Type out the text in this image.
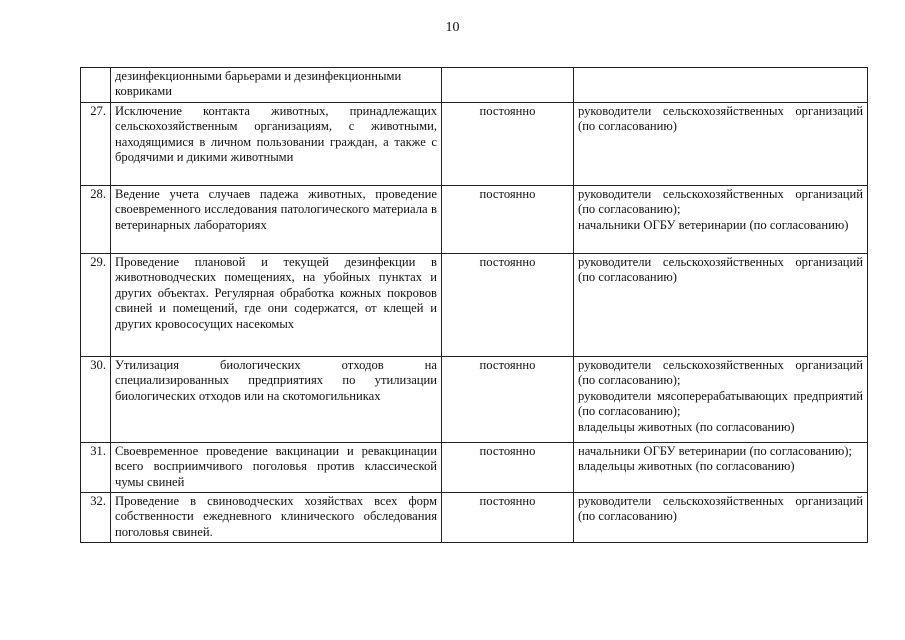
10
	дезинфекционными барьерами и дезинфекционными ковриками		
27.	Исключение контакта животных, принадлежащих сельскохозяйственным организациям, с животными, находящимися в личном пользовании граждан, а также с бродячими и дикими животными	постоянно	руководители сельскохозяйственных организаций (по согласованию)

28.	Ведение учета случаев падежа животных, проведение своевременного исследования патологического материала в ветеринарных лабораториях	постоянно	руководители сельскохозяйственных организаций (по согласованию);
начальники ОГБУ ветеринарии (по согласованию)

29.	Проведение плановой и текущей дезинфекции в животноводческих помещениях, на убойных пунктах и других объектах. Регулярная обработка кожных покровов свиней и помещений, где они содержатся, от клещей и других кровососущих насекомых	постоянно	руководители сельскохозяйственных организаций (по согласованию)

30.	Утилизация биологических отходов на специализированных предприятиях по утилизации биологических отходов или на скотомогильниках	постоянно	руководители сельскохозяйственных организаций (по согласованию);
руководители мясоперерабатывающих предприятий (по согласованию);
владельцы животных (по согласованию)

31.	Своевременное проведение вакцинации и ревакцинации всего восприимчивого поголовья против классической чумы свиней	постоянно	начальники ОГБУ ветеринарии (по согласованию);
владельцы животных (по согласованию)

32.	Проведение в свиноводческих хозяйствах всех форм собственности ежедневного клинического обследования поголовья свиней.	постоянно	руководители сельскохозяйственных организаций (по согласованию)
